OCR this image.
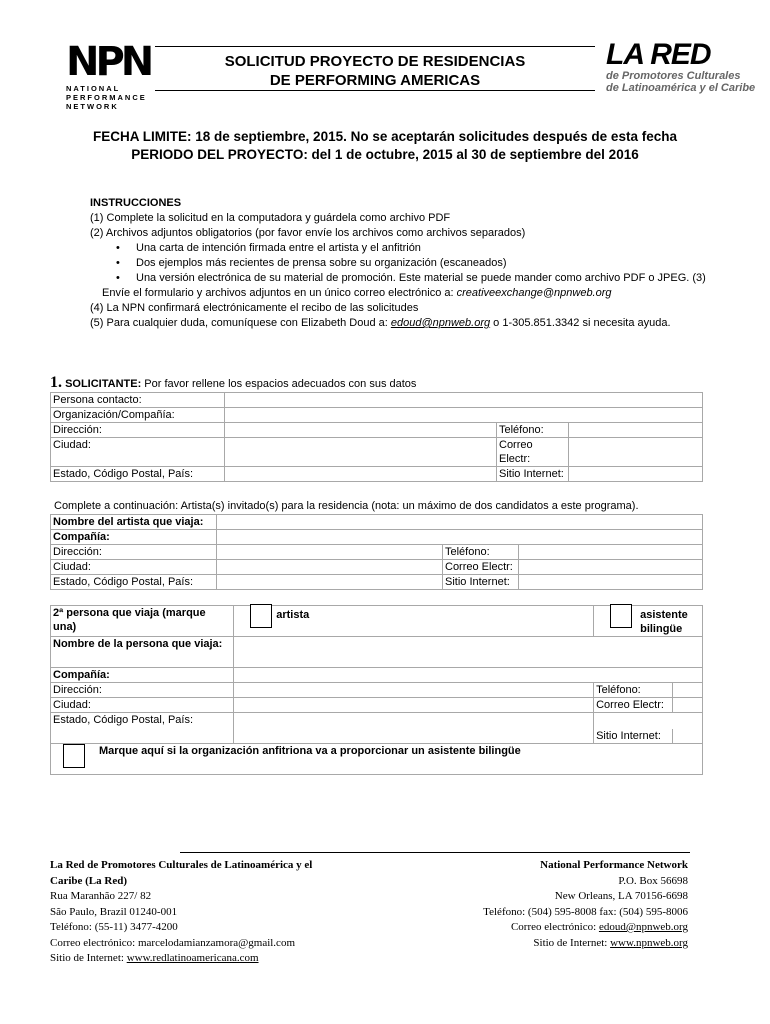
NPN
NATIONAL
PERFORMANCE
NETWORK
SOLICITUD PROYECTO DE RESIDENCIAS
DE PERFORMING AMERICAS
LA RED
de Promotores Culturales
de Latinoamérica y el Caribe
FECHA LIMITE: 18 de septiembre, 2015. No se aceptarán solicitudes después de esta fecha
PERIODO DEL PROYECTO: del 1 de octubre, 2015 al 30 de septiembre del 2016
INSTRUCCIONES
(1) Complete la solicitud en la computadora y guárdela como archivo PDF
(2) Archivos adjuntos obligatorios (por favor envíe los archivos como archivos separados)
• Una carta de intención firmada entre el artista y el anfitrión
• Dos ejemplos más recientes de prensa sobre su organización (escaneados)
• Una versión electrónica de su material de promoción. Este material se puede mander como archivo PDF o JPEG. (3)
Envíe el formulario y archivos adjuntos en un único correo electrónico a: creativeexchange@npnweb.org
(4) La NPN confirmará electrónicamente el recibo de las solicitudes
(5) Para cualquier duda, comuníquese con Elizabeth Doud a: edoud@npnweb.org o 1-305.851.3342 si necesita ayuda.
1. SOLICITANTE: Por favor rellene los espacios adecuados con sus datos
Persona contacto:			
Organización/Compañía:			
Dirección:		Teléfono:	
Ciudad:		Correo Electr:	
Estado, Código Postal, País:		Sitio Internet:	
Complete a continuación: Artista(s) invitado(s) para la residencia (nota: un máximo de dos candidatos a este programa).
Nombre del artista que viaja:			
Compañía:			
Dirección:		Teléfono:	
Ciudad:		Correo Electr:	
Estado, Código Postal, País:		Sitio Internet:	
2ª persona que viaja (marque una)	artista	asistente bilingüe

Nombre de la persona que viaja:		
Compañía:		
Dirección:		Teléfono:
Ciudad:		Correo Electr:
Estado, Código Postal, País:		Sitio Internet:

Marque aquí si la organización anfitriona va a proporcionar un asistente bilingüe		
La Red de Promotores Culturales de Latinoamérica y el
Caribe (La Red)
Rua Maranhão 227/ 82
São Paulo, Brazil 01240-001
Teléfono: (55-11) 3477-4200
Correo electrónico: marcelodamianzamora@gmail.com
Sitio de Internet: www.redlatinoamericana.com
National Performance Network
P.O. Box 56698
New Orleans, LA 70156-6698
Teléfono: (504) 595-8008 fax: (504) 595-8006
Correo electrónico: edoud@npnweb.org
Sitio de Internet: www.npnweb.org
